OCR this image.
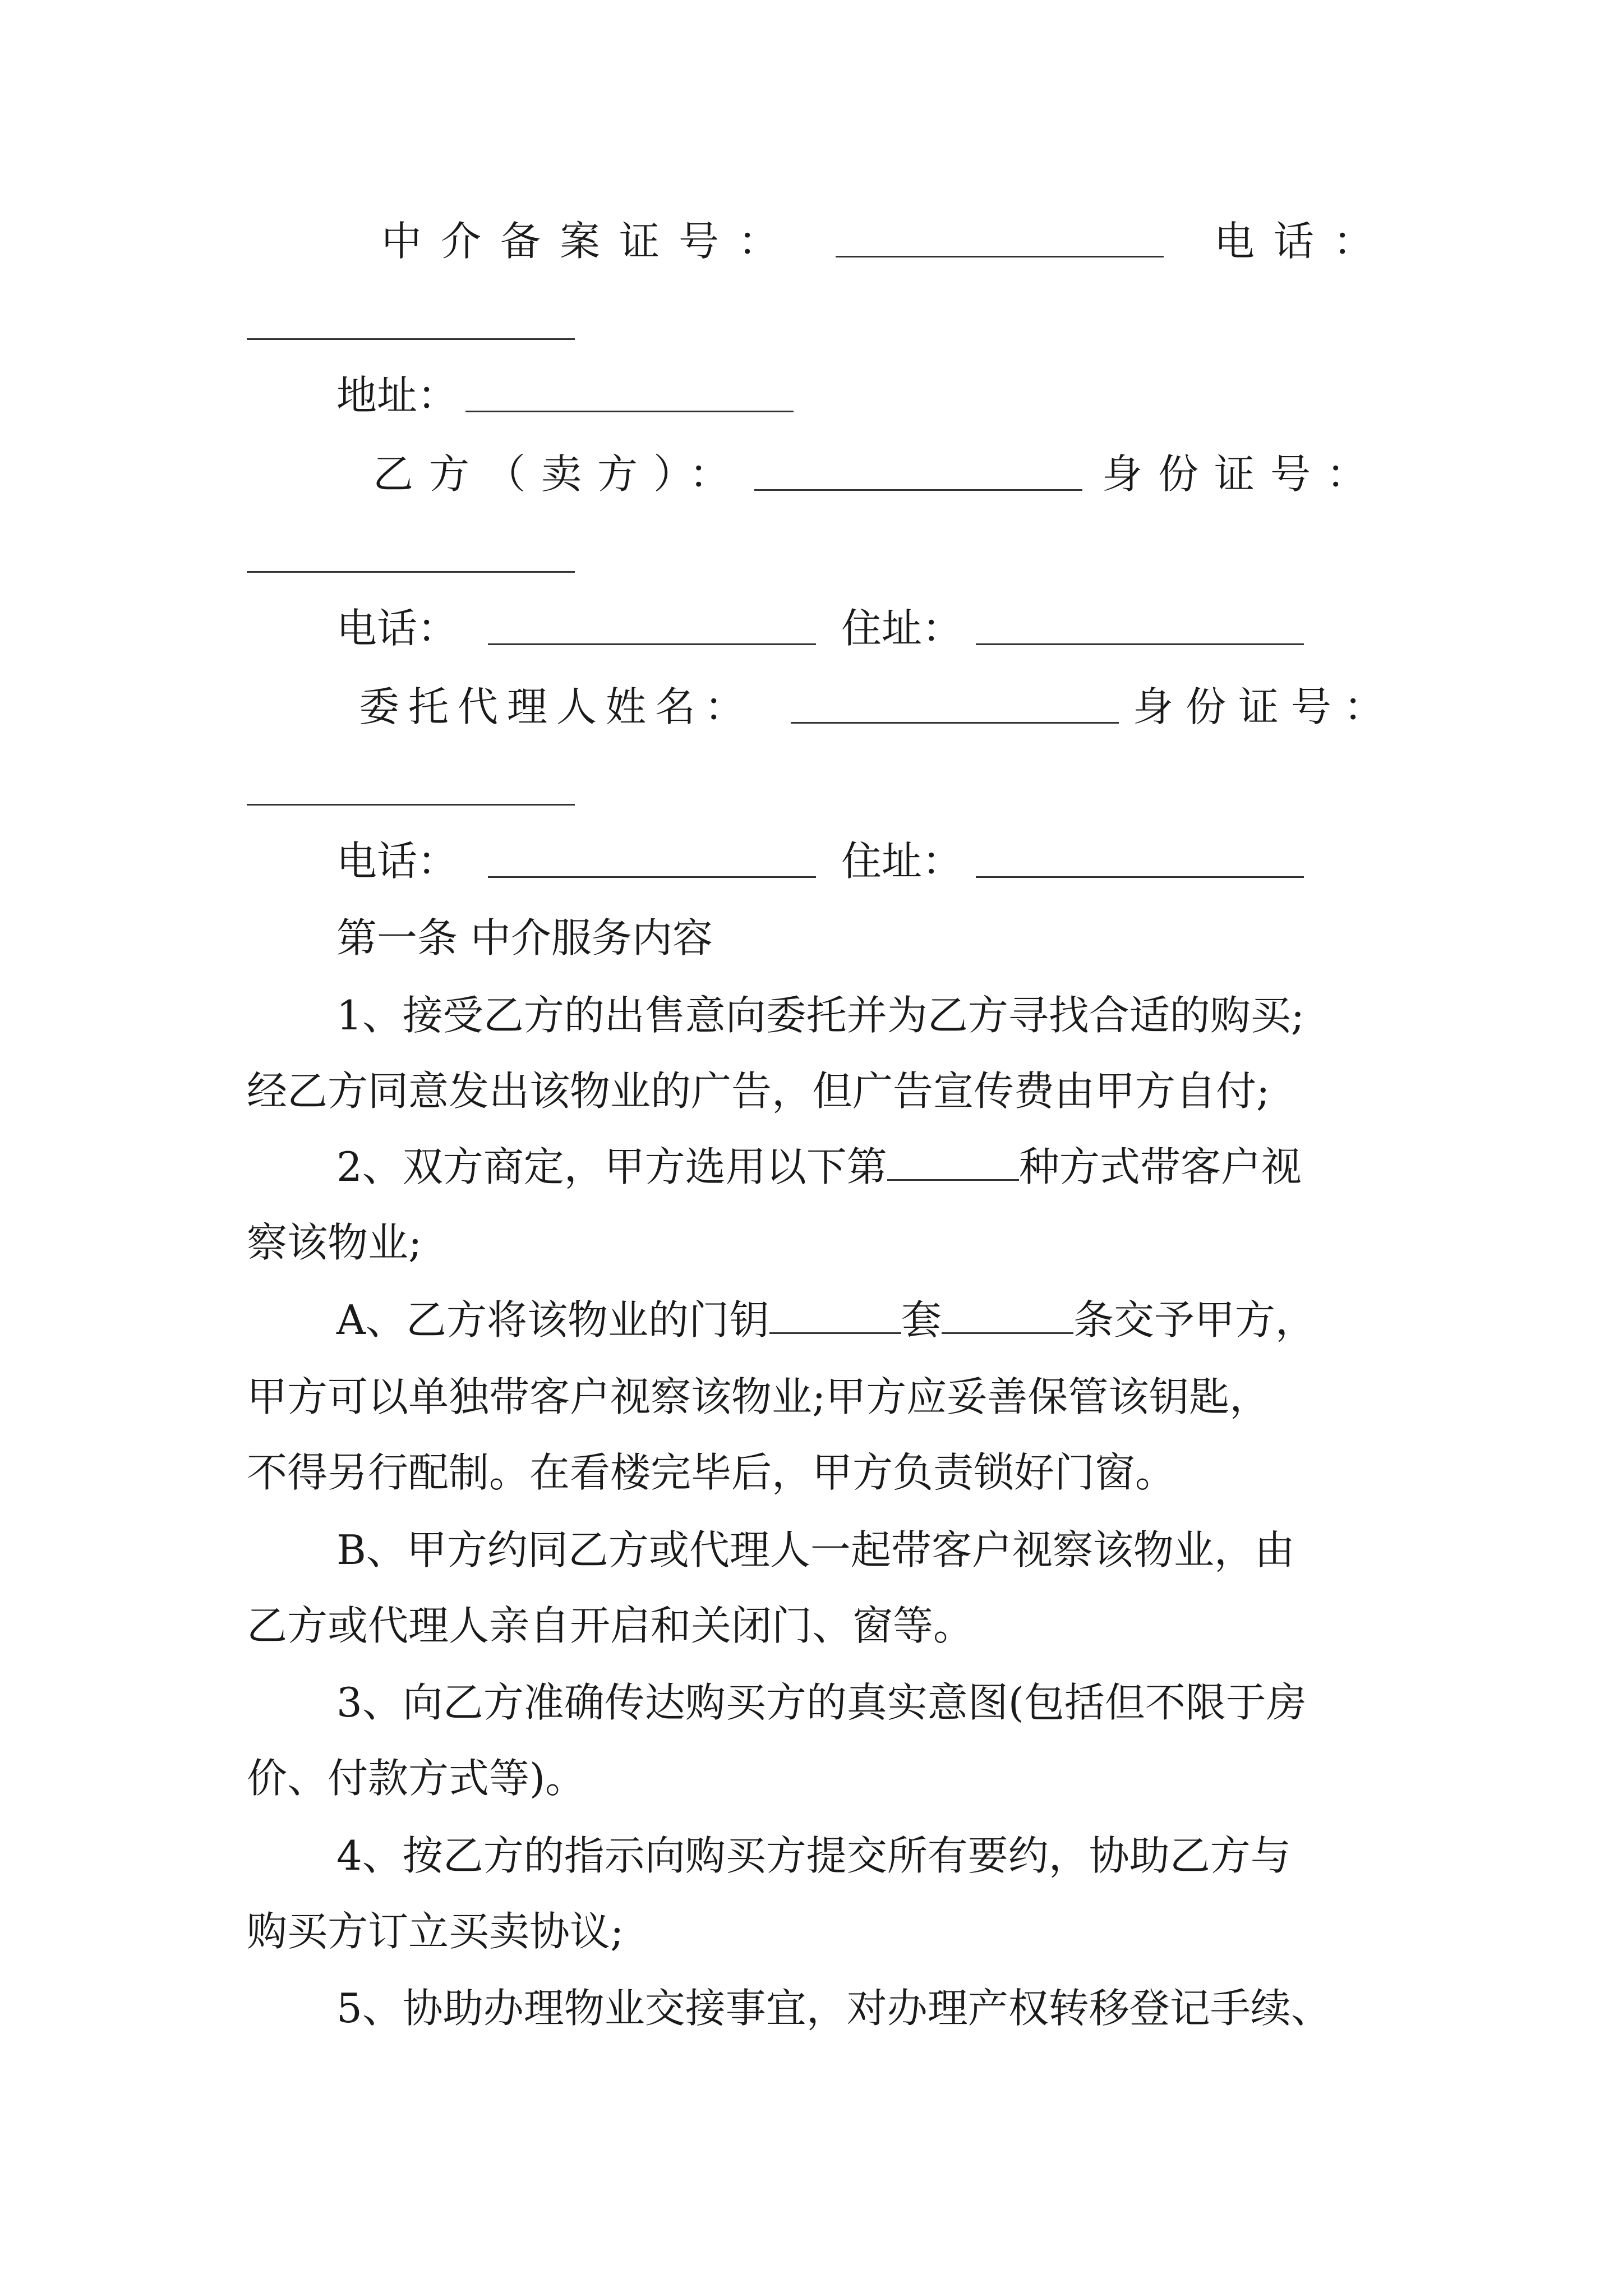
中介备案证号：	电话：
地址：
乙方（卖方）：	身份证号：
电话：	住址：
委托代理人姓名：	身份证号：
电话：	住址：
第一条 中介服务内容
1、接受乙方的出售意向委托并为乙方寻找合适的购买;
经乙方同意发出该物业的广告，但广告宣传费由甲方自付;
2、双方商定，甲方选用以下第	种方式带客户视
察该物业;
A、乙方将该物业的门钥	套	条交予甲方，
甲方可以单独带客户视察该物业;甲方应妥善保管该钥匙，
不得另行配制。在看楼完毕后，甲方负责锁好门窗。
B、甲方约同乙方或代理人一起带客户视察该物业，由
乙方或代理人亲自开启和关闭门、窗等。
3、向乙方准确传达购买方的真实意图(包括但不限于房
价、付款方式等)。
4、按乙方的指示向购买方提交所有要约，协助乙方与
购买方订立买卖协议;
5、协助办理物业交接事宜，对办理产权转移登记手续、
